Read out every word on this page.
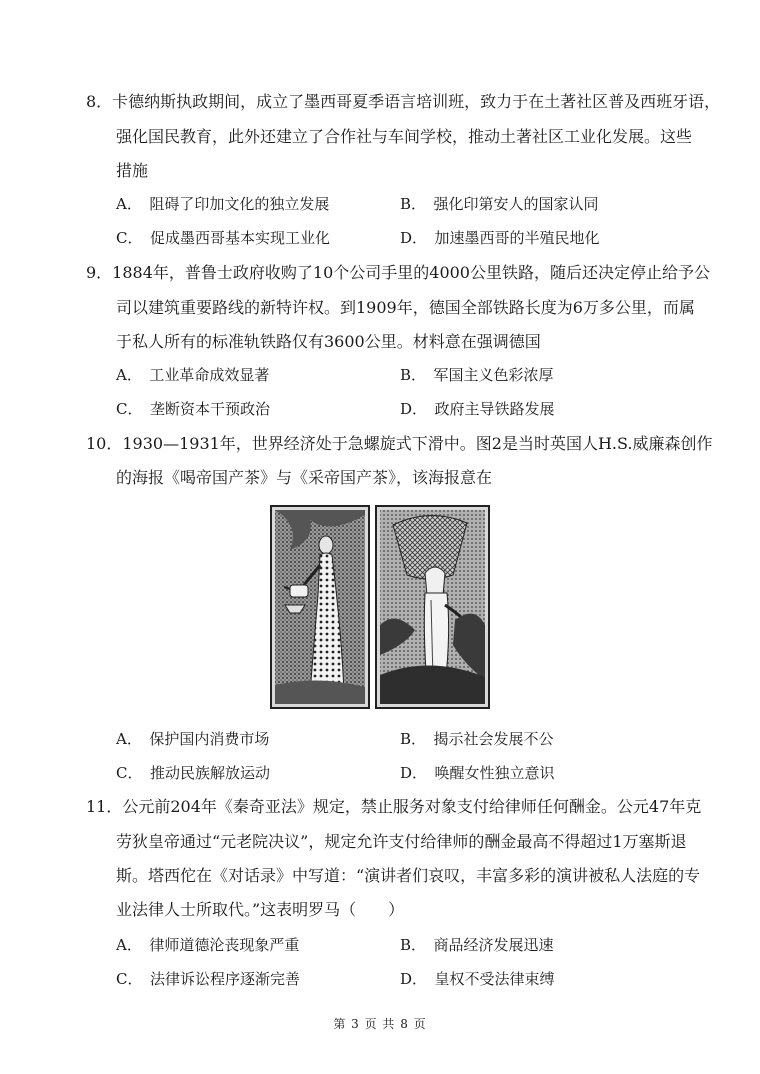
8．卡德纳斯执政期间，成立了墨西哥夏季语言培训班，致力于在土著社区普及西班牙语，
强化国民教育，此外还建立了合作社与车间学校，推动土著社区工业化发展。这些
措施
A．　阻碍了印加文化的独立发展	B．　强化印第安人的国家认同
C．　促成墨西哥基本实现工业化	D．　加速墨西哥的半殖民地化
9．1884年，普鲁士政府收购了10个公司手里的4000公里铁路，随后还决定停止给予公
司以建筑重要路线的新特许权。到1909年，德国全部铁路长度为6万多公里，而属
于私人所有的标准轨铁路仅有3600公里。材料意在强调德国
A．　工业革命成效显著	B．　军国主义色彩浓厚
C．　垄断资本干预政治	D．　政府主导铁路发展
10．1930—1931年，世界经济处于急螺旋式下滑中。图2是当时英国人H.S.威廉森创作
的海报《喝帝国产茶》与《采帝国产茶》，该海报意在
A．　保护国内消费市场	B．　揭示社会发展不公
C．　推动民族解放运动	D．　唤醒女性独立意识
11．公元前204年《秦奇亚法》规定，禁止服务对象支付给律师任何酬金。公元47年克
劳狄皇帝通过“元老院决议”，规定允许支付给律师的酬金最高不得超过1万塞斯退
斯。塔西佗在《对话录》中写道：“演讲者们哀叹，丰富多彩的演讲被私人法庭的专
业法律人士所取代。”这表明罗马（　　）
A．　律师道德沦丧现象严重	B．　商品经济发展迅速
C．　法律诉讼程序逐渐完善	D．　皇权不受法律束缚
第 3 页 共 8 页
